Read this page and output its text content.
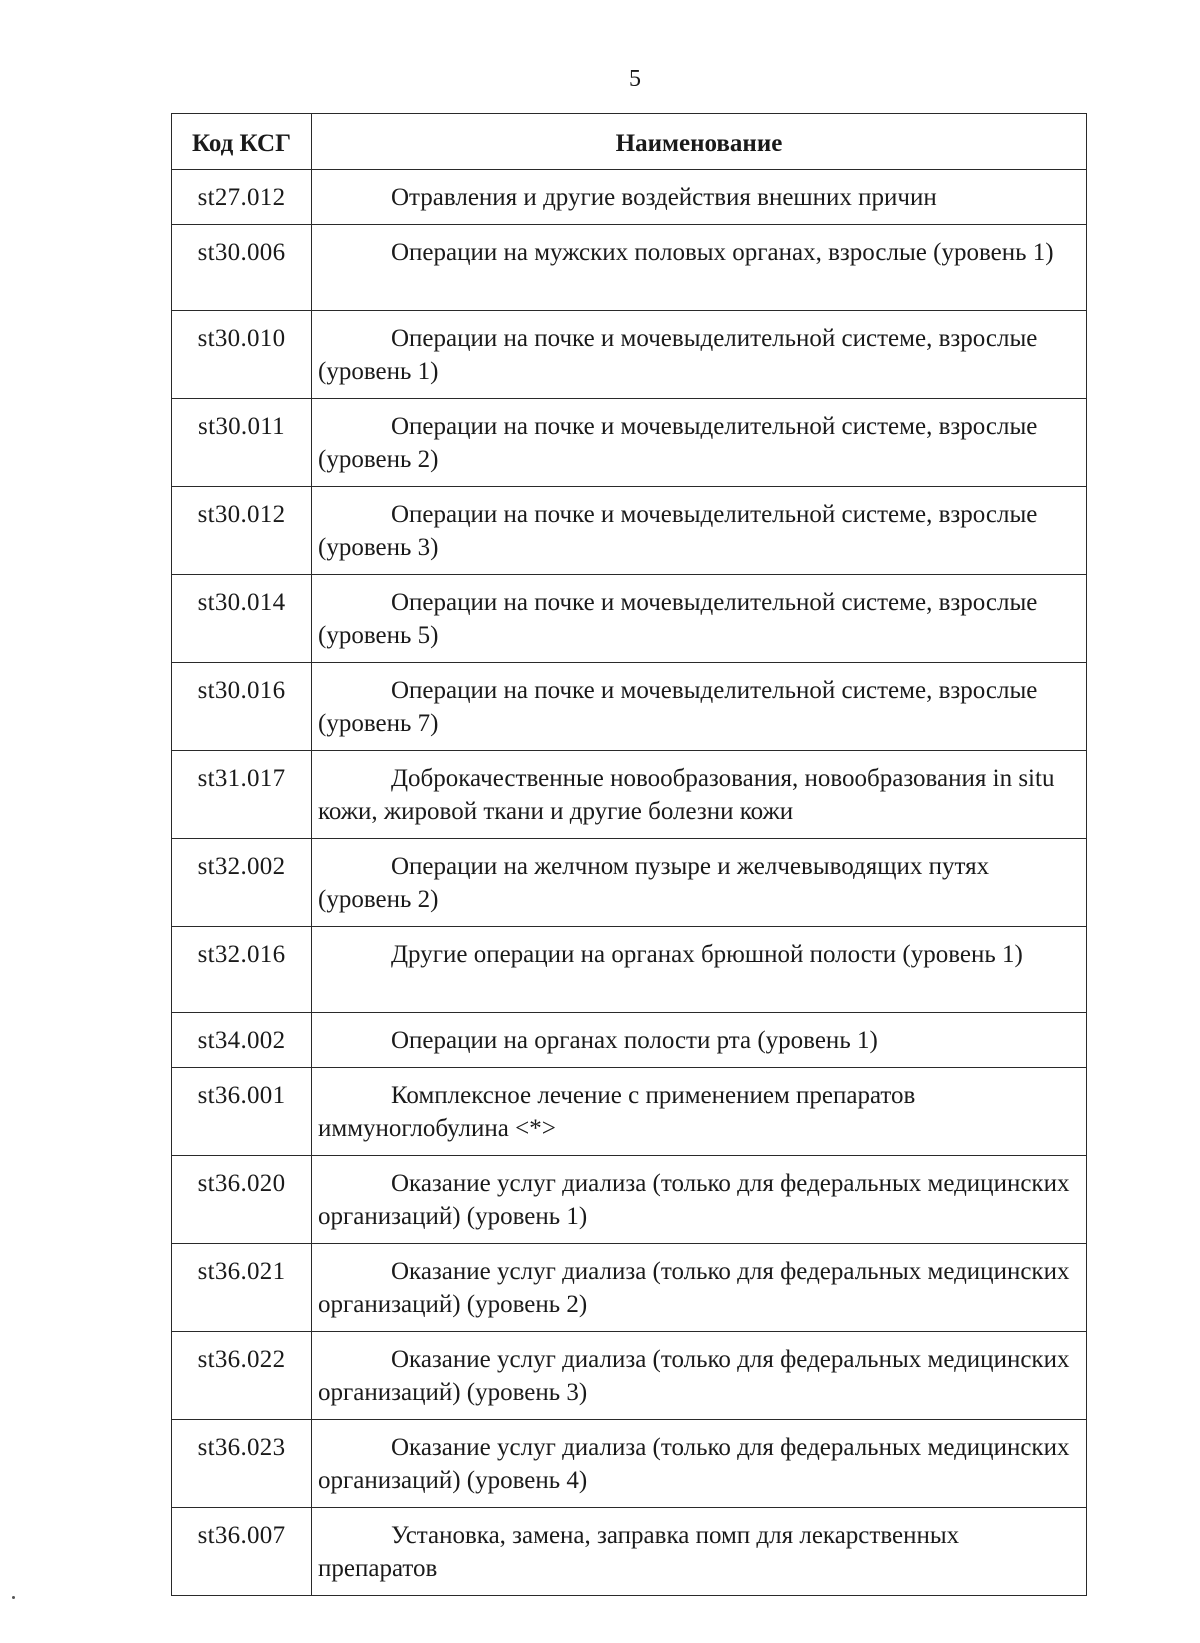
5
Код КСГ	Наименование
st27.012	Отравления и другие воздействия внешних причин
st30.006	Операции на мужских половых органах, взрослые (уровень 1)
st30.010	Операции на почке и мочевыделительной системе, взрослые (уровень 1)
st30.011	Операции на почке и мочевыделительной системе, взрослые (уровень 2)
st30.012	Операции на почке и мочевыделительной системе, взрослые (уровень 3)
st30.014	Операции на почке и мочевыделительной системе, взрослые (уровень 5)
st30.016	Операции на почке и мочевыделительной системе, взрослые (уровень 7)
st31.017	Доброкачественные новообразования, новообразования in situ кожи, жировой ткани и другие болезни кожи
st32.002	Операции на желчном пузыре и желчевыводящих путях (уровень 2)
st32.016	Другие операции на органах брюшной полости (уровень 1)
st34.002	Операции на органах полости рта (уровень 1)
st36.001	Комплексное лечение с применением препаратов иммуноглобулина <*>
st36.020	Оказание услуг диализа (только для федеральных медицинских организаций) (уровень 1)
st36.021	Оказание услуг диализа (только для федеральных медицинских организаций) (уровень 2)
st36.022	Оказание услуг диализа (только для федеральных медицинских организаций) (уровень 3)
st36.023	Оказание услуг диализа (только для федеральных медицинских организаций) (уровень 4)
st36.007	Установка, замена, заправка помп для лекарственных препаратов
